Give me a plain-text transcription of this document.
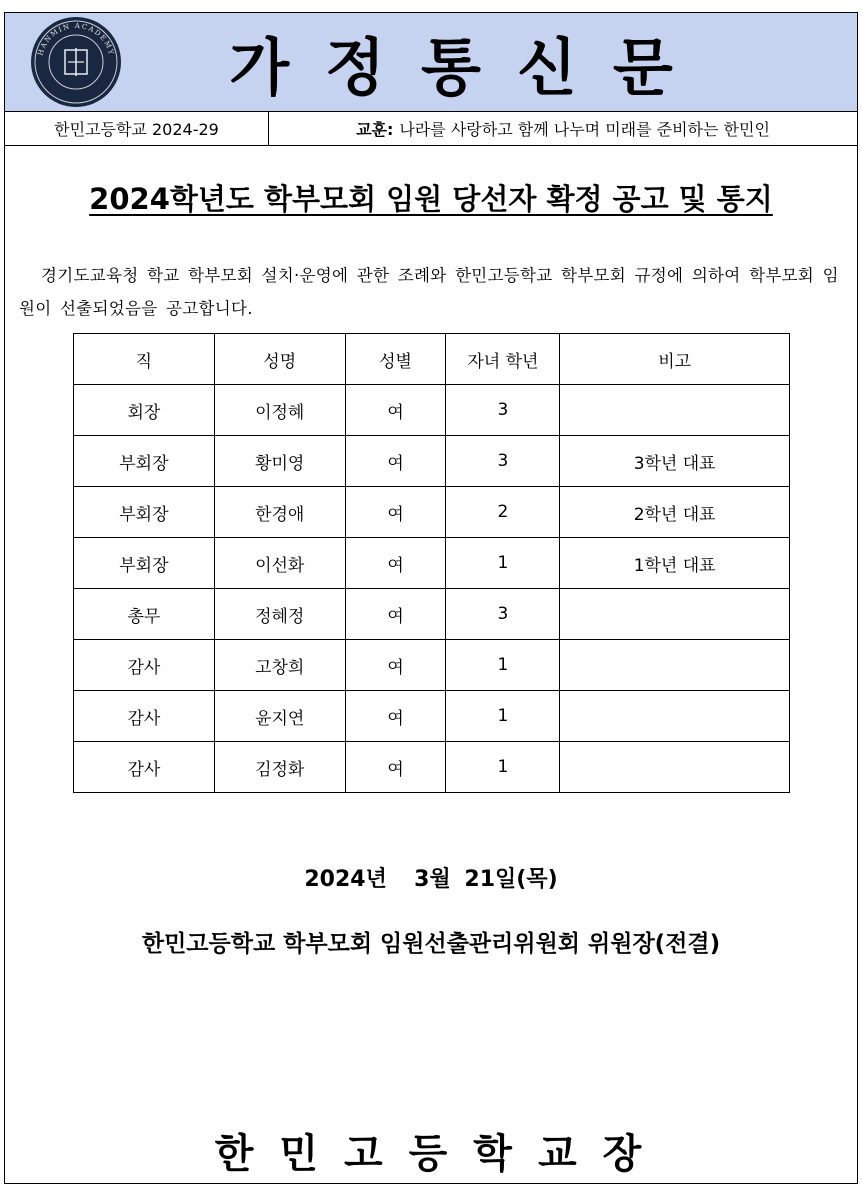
HANMIN ACADEMY 가 정 통 신 문
한민고등학교 2024-29	교훈: 나라를 사랑하고 함께 나누며 미래를 준비하는 한민인
2024학년도 학부모회 임원 당선자 확정 공고 및 통지
경기도교육청 학교 학부모회 설치·운영에 관한 조례와 한민고등학교 학부모회 규정에 의하여 학부모회 임원이 선출되었음을 공고합니다.
직	성명	성별	자녀 학년	비고
회장	이정혜	여	3	
부회장	황미영	여	3	3학년 대표
부회장	한경애	여	2	2학년 대표
부회장	이선화	여	1	1학년 대표
총무	정혜정	여	3	
감사	고창희	여	1	
감사	윤지연	여	1	
감사	김정화	여	1	
2024년  3월 21일(목)
한민고등학교 학부모회 임원선출관리위원회 위원장(전결)
한민고등학교장
